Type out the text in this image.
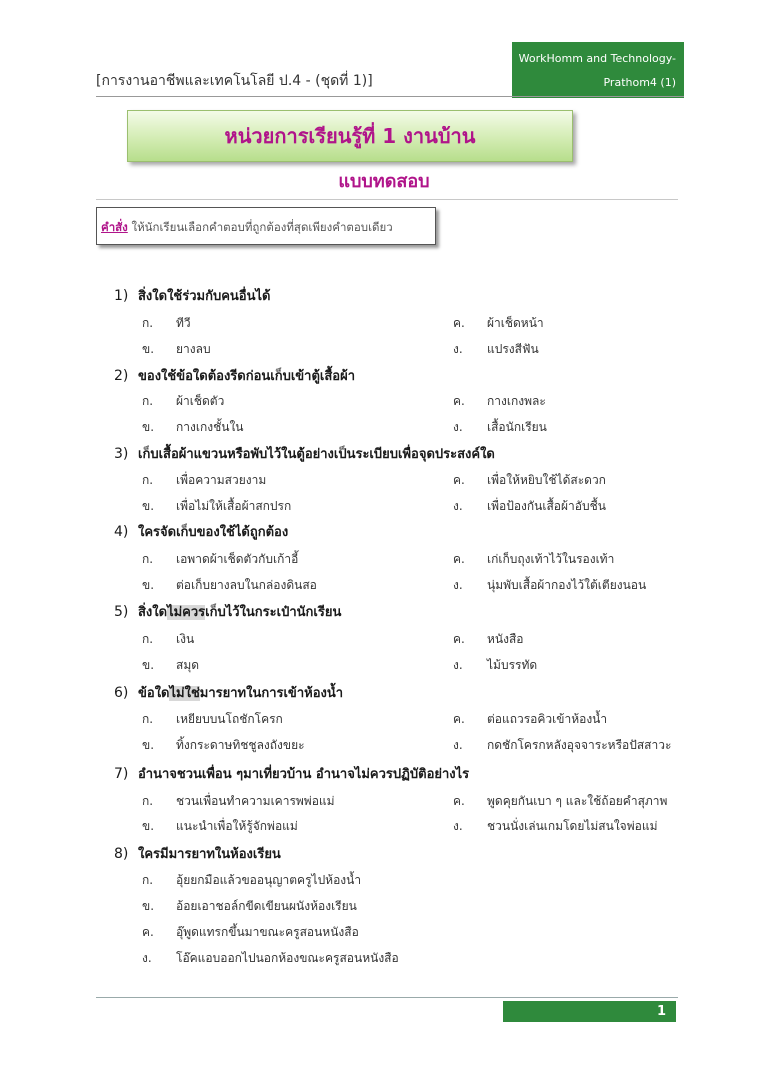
WorkHomm and Technology-
Prathom4 (1)
[การงานอาชีพและเทคโนโลยี ป.4 - (ชุดที่ 1)]
หน่วยการเรียนรู้ที่ 1 งานบ้าน
แบบทดสอบ
คำสั่ง ให้นักเรียนเลือกคำตอบที่ถูกต้องที่สุดเพียงคำตอบเดียว
1) สิ่งใดใช้ร่วมกับคนอื่นได้
ก. ทีวี	ค. ผ้าเช็ดหน้า
ข. ยางลบ	ง. แปรงสีฟัน
2) ของใช้ข้อใดต้องรีดก่อนเก็บเข้าตู้เสื้อผ้า
ก. ผ้าเช็ดตัว	ค. กางเกงพละ
ข. กางเกงชั้นใน	ง. เสื้อนักเรียน
3) เก็บเสื้อผ้าแขวนหรือพับไว้ในตู้อย่างเป็นระเบียบเพื่อจุดประสงค์ใด
ก. เพื่อความสวยงาม	ค. เพื่อให้หยิบใช้ได้สะดวก
ข. เพื่อไม่ให้เสื้อผ้าสกปรก	ง. เพื่อป้องกันเสื้อผ้าอับชื้น
4) ใครจัดเก็บของใช้ได้ถูกต้อง
ก. เอพาดผ้าเช็ดตัวกับเก้าอี้	ค. เก่เก็บถุงเท้าไว้ในรองเท้า
ข. ต่อเก็บยางลบในกล่องดินสอ	ง. นุ่มพับเสื้อผ้ากองไว้ใต้เตียงนอน
5) สิ่งใดไม่ควรเก็บไว้ในกระเป๋านักเรียน
ก. เงิน	ค. หนังสือ
ข. สมุด	ง. ไม้บรรทัด
6) ข้อใดไม่ใช่มารยาทในการเข้าห้องน้ำ
ก. เหยียบบนโถชักโครก	ค. ต่อแถวรอคิวเข้าห้องน้ำ
ข. ทิ้งกระดาษทิชชูลงถังขยะ	ง. กดชักโครกหลังอุจจาระหรือปัสสาวะ
7) อำนาจชวนเพื่อน ๆมาเที่ยวบ้าน อำนาจไม่ควรปฏิบัติอย่างไร
ก. ชวนเพื่อนทำความเคารพพ่อแม่	ค. พูดคุยกันเบา ๆ และใช้ถ้อยคำสุภาพ
ข. แนะนำเพื่อให้รู้จักพ่อแม่	ง. ชวนนั่งเล่นเกมโดยไม่สนใจพ่อแม่
8) ใครมีมารยาทในห้องเรียน
ก. อุ้ยยกมือแล้วขออนุญาตครูไปห้องน้ำ
ข. อ้อยเอาชอล์กขีดเขียนผนังห้องเรียน
ค. อุ๊พูดแทรกขึ้นมาขณะครูสอนหนังสือ
ง. โอ๊คแอบออกไปนอกห้องขณะครูสอนหนังสือ
1
